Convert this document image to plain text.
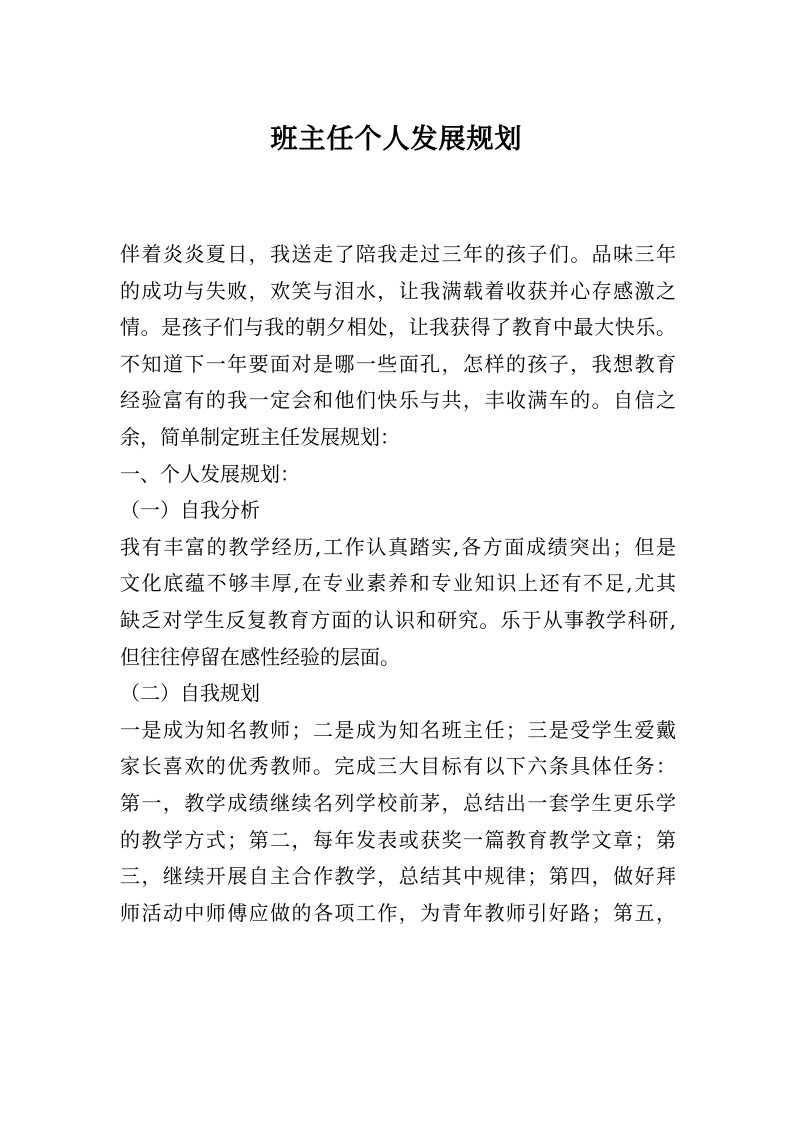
班主任个人发展规划
伴着炎炎夏日，我送走了陪我走过三年的孩子们。品味三年
的成功与失败，欢笑与泪水，让我满载着收获并心存感激之
情。是孩子们与我的朝夕相处，让我获得了教育中最大快乐。
不知道下一年要面对是哪一些面孔，怎样的孩子，我想教育
经验富有的我一定会和他们快乐与共，丰收满车的。自信之
余，简单制定班主任发展规划：
一、个人发展规划：
（一）自我分析
我有丰富的教学经历,工作认真踏实,各方面成绩突出；但是
文化底蕴不够丰厚,在专业素养和专业知识上还有不足,尤其
缺乏对学生反复教育方面的认识和研究。乐于从事教学科研,
但往往停留在感性经验的层面。
（二）自我规划
一是成为知名教师；二是成为知名班主任；三是受学生爱戴
家长喜欢的优秀教师。完成三大目标有以下六条具体任务：
第一，教学成绩继续名列学校前茅，总结出一套学生更乐学
的教学方式；第二，每年发表或获奖一篇教育教学文章；第
三，继续开展自主合作教学，总结其中规律；第四，做好拜
师活动中师傅应做的各项工作，为青年教师引好路；第五，
